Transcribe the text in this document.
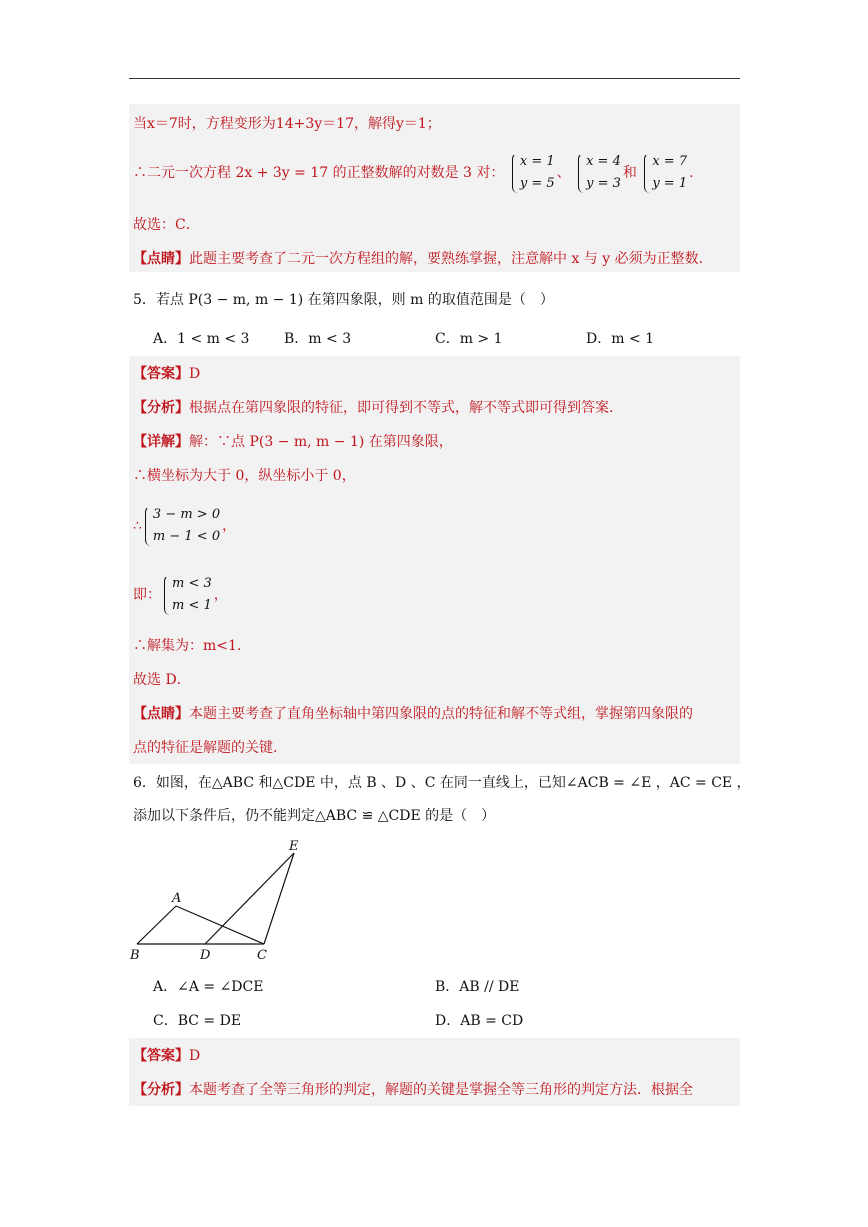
当x＝7时，方程变形为14+3y＝17，解得y＝1；
∴二元一次方程 2x + 3y = 17 的正整数解的对数是 3 对：
x = 1
y = 5
、
x = 4
y = 3
和
x = 7
y = 1
.
故选：C．
【点睛】此题主要考查了二元一次方程组的解，要熟练掌握，注意解中 x 与 y 必须为正整数.
5．若点 P(3 − m, m − 1) 在第四象限，则 m 的取值范围是（　）
A．1 < m < 3 B．m < 3	C．m > 1	D．m < 1
【答案】D
【分析】根据点在第四象限的特征，即可得到不等式，解不等式即可得到答案.
【详解】解：∵点 P(3 − m, m − 1) 在第四象限，
∴横坐标为大于 0，纵坐标小于 0，
∴
3 − m > 0
m − 1 < 0
，
即：
m < 3
m < 1
，
∴解集为：m<1.
故选 D．
【点睛】本题主要考查了直角坐标轴中第四象限的点的特征和解不等式组，掌握第四象限的
点的特征是解题的关键.
6．如图，在△ABC 和△CDE 中，点 B 、D 、C 在同一直线上，已知∠ACB = ∠E ，AC = CE ，
添加以下条件后，仍不能判定△ABC ≌ △CDE 的是（　）
A
B	C
D
E
A．∠A = ∠DCE	B．AB // DE
C．BC = DE	D．AB = CD
【答案】D
【分析】本题考查了全等三角形的判定，解题的关键是掌握全等三角形的判定方法．根据全
